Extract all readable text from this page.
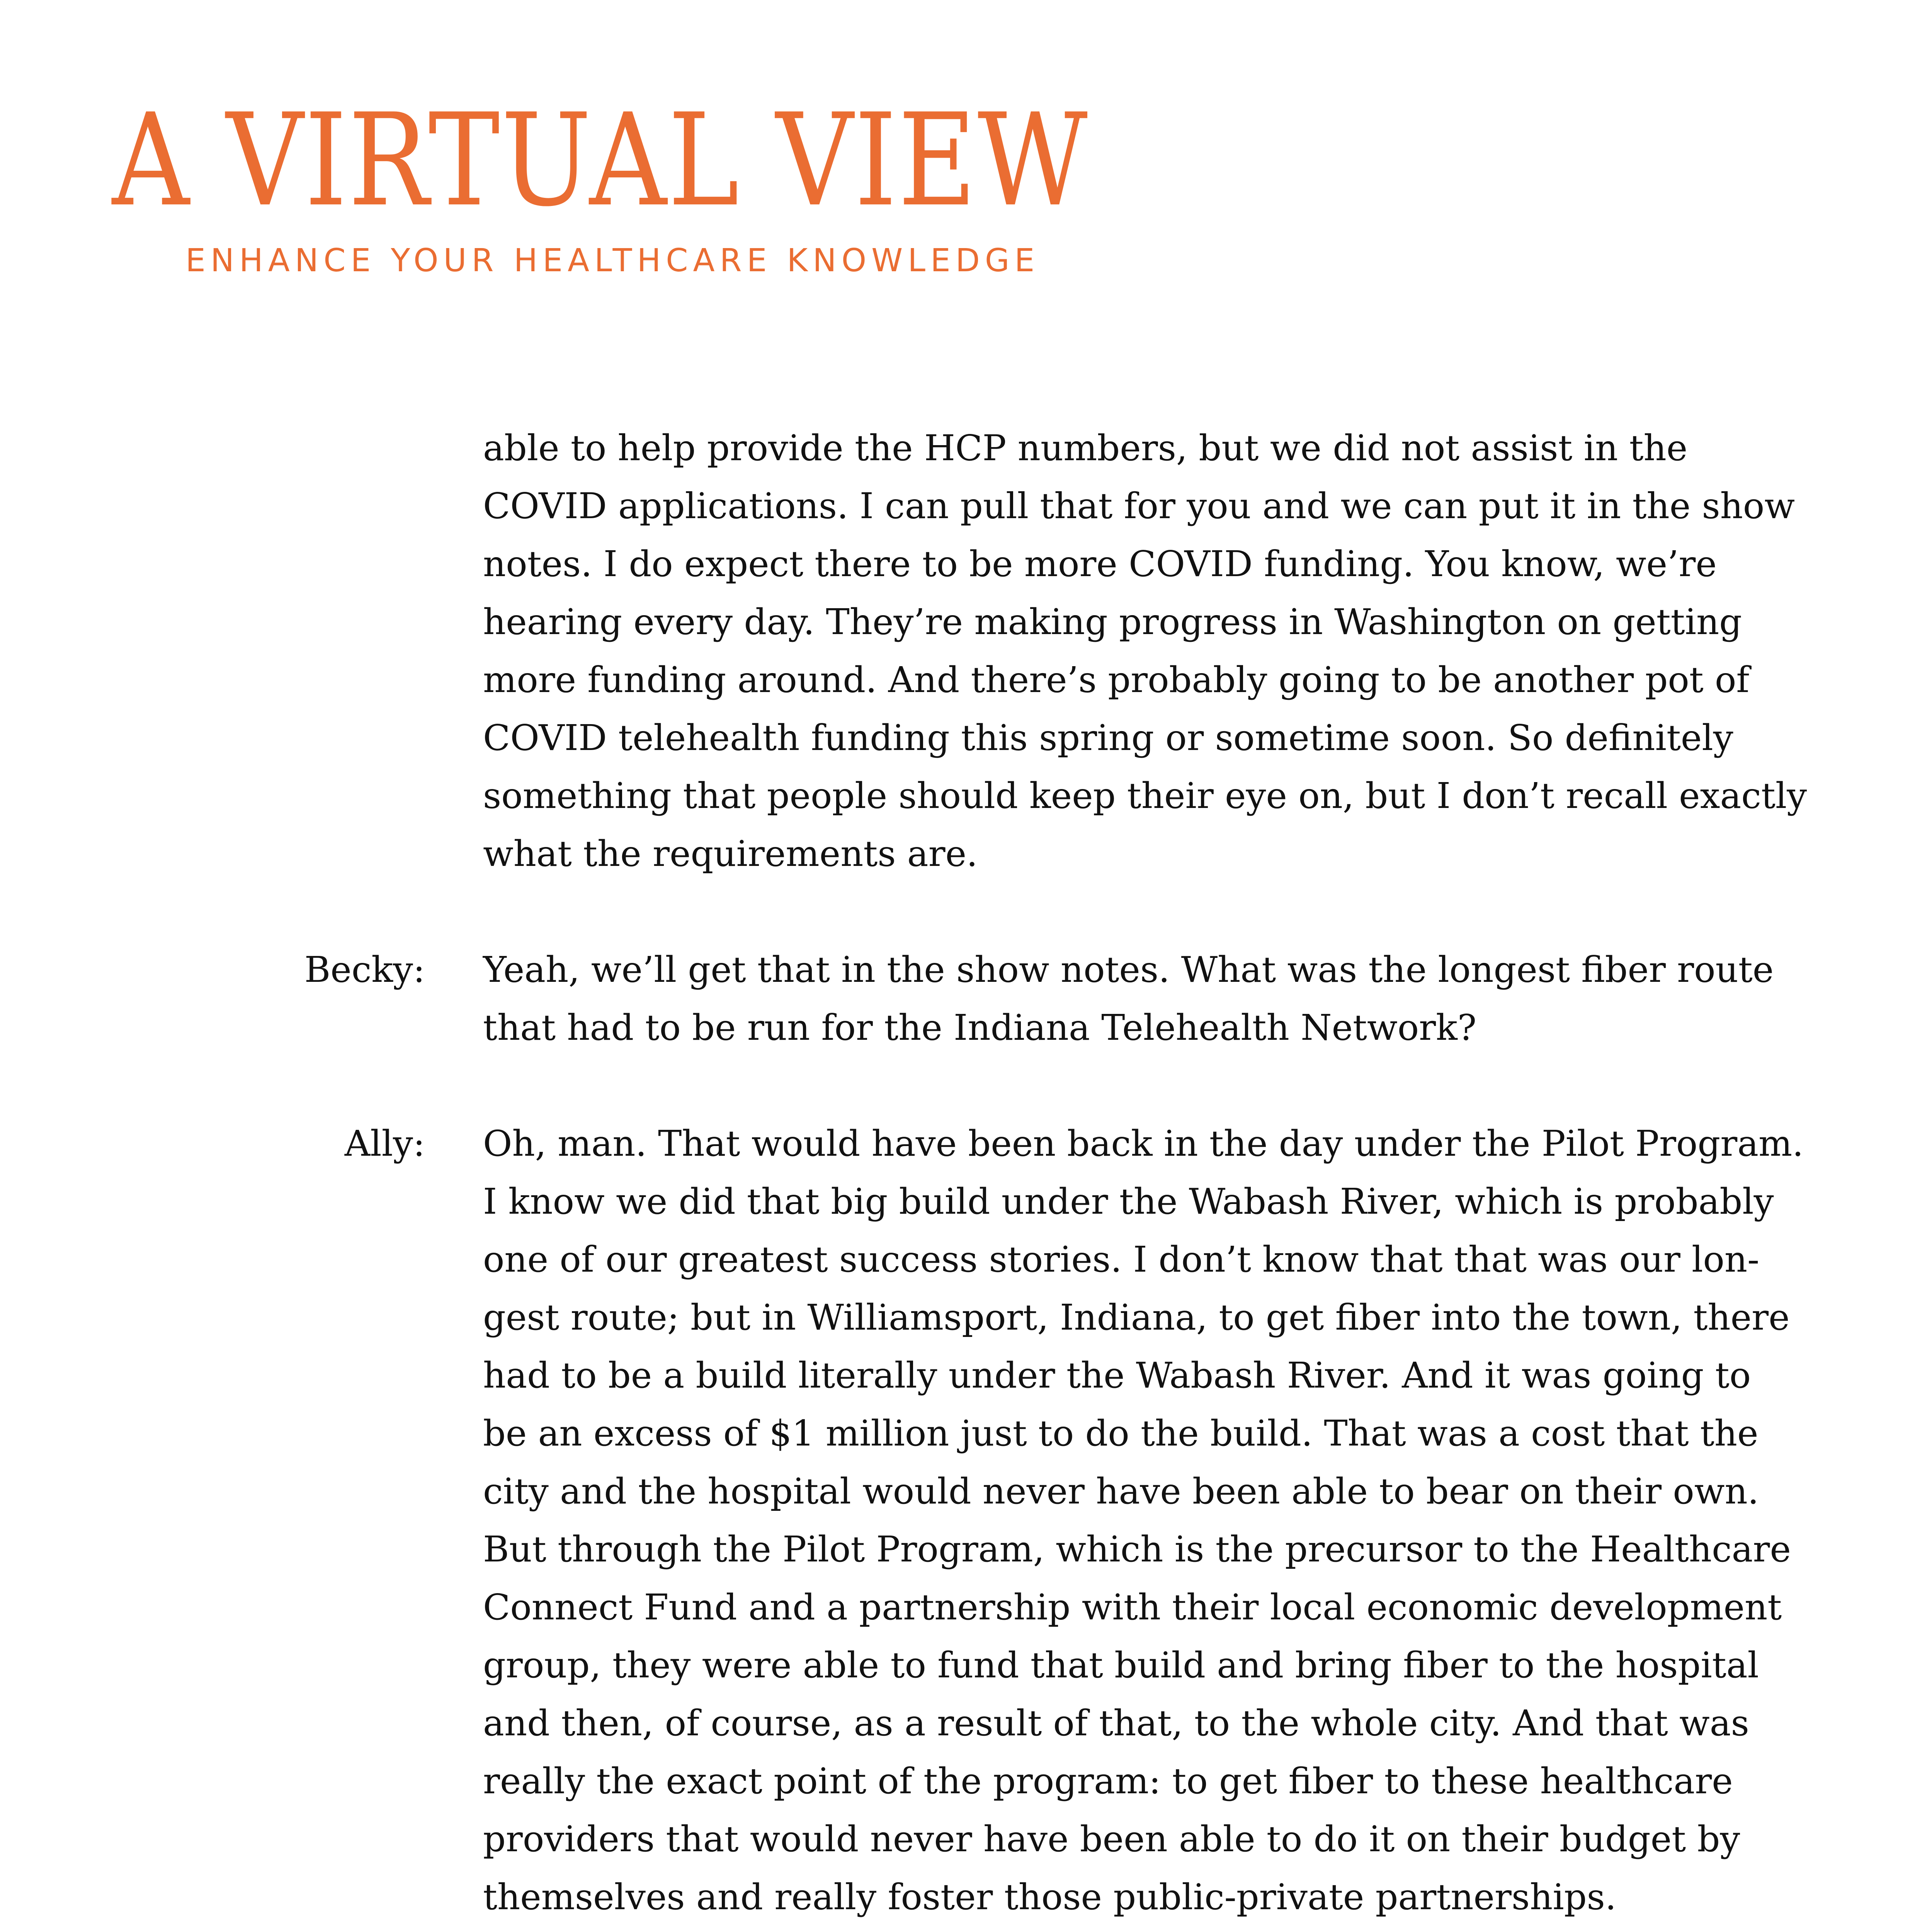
A VIRTUAL VIEW
ENHANCE YOUR HEALTHCARE KNOWLEDGE

able to help provide the HCP numbers, but we did not assist in the

COVID applications. I can pull that for you and we can put it in the show

notes. I do expect there to be more COVID funding. You know, we’re

hearing every day. They’re making progress in Washington on getting

more funding around. And there’s probably going to be another pot of

COVID telehealth funding this spring or sometime soon. So definitely

something that people should keep their eye on, but I don’t recall exactly

what the requirements are.

Becky: Yeah, we’ll get that in the show notes. What was the longest fiber route

that had to be run for the Indiana Telehealth Network?

Ally: Oh, man. That would have been back in the day under the Pilot Program.

I know we did that big build under the Wabash River, which is probably

one of our greatest success stories. I don’t know that that was our lon-

gest route; but in Williamsport, Indiana, to get fiber into the town, there

had to be a build literally under the Wabash River. And it was going to

be an excess of $1 million just to do the build. That was a cost that the

city and the hospital would never have been able to bear on their own.

But through the Pilot Program, which is the precursor to the Healthcare

Connect Fund and a partnership with their local economic development

group, they were able to fund that build and bring fiber to the hospital

and then, of course, as a result of that, to the whole city. And that was

really the exact point of the program: to get fiber to these healthcare

providers that would never have been able to do it on their budget by

themselves and really foster those public-private partnerships.
